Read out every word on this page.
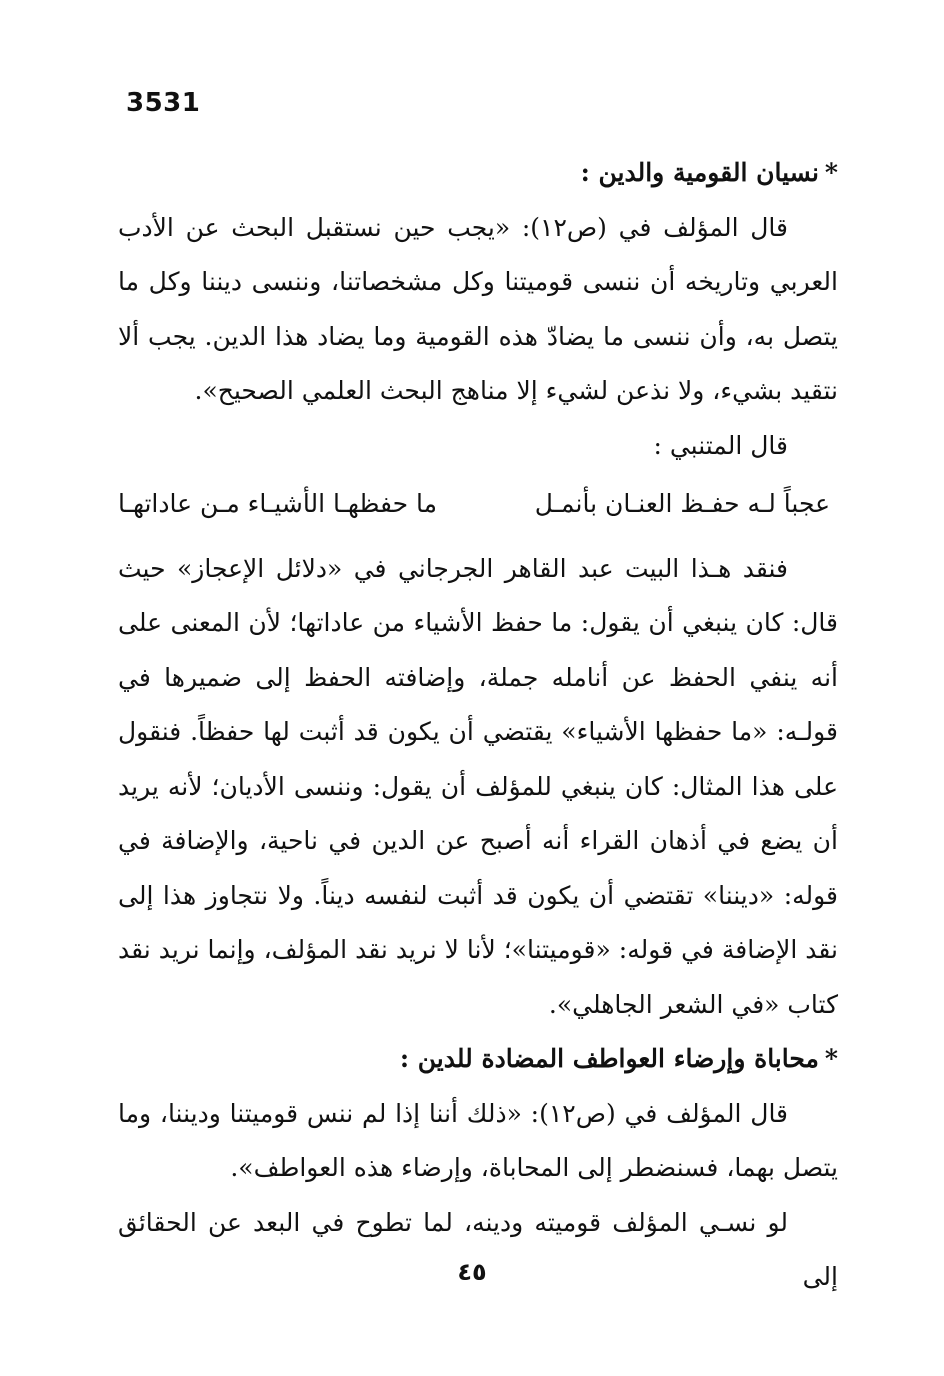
3531

*نسيان القومية والدين :

قال المؤلف في (ص١٢): «يجب حين نستقبل البحث عن الأدب العربي وتاريخه أن ننسى قوميتنا وكل مشخصاتنا، وننسى ديننا وكل ما يتصل به، وأن ننسى ما يضادّ هذه القومية وما يضاد هذا الدين. يجب ألا نتقيد بشيء، ولا نذعن لشيء إلا مناهج البحث العلمي الصحيح».

قال المتنبي :

عجباً لـه حفـظ العنـان بأنمـل
ما حفظهـا الأشيـاء مـن عاداتهـا

فنقد هـذا البيت عبد القاهر الجرجاني في «دلائل الإعجاز» حيث قال: كان ينبغي أن يقول: ما حفظ الأشياء من عاداتها؛ لأن المعنى على أنه ينفي الحفظ عن أنامله جملة، وإضافته الحفظ إلى ضميرها في قولـه: «ما حفظها الأشياء» يقتضي أن يكون قد أثبت لها حفظاً. فنقول على هذا المثال: كان ينبغي للمؤلف أن يقول: وننسى الأديان؛ لأنه يريد أن يضع في أذهان القراء أنه أصبح عن الدين في ناحية، والإضافة في قوله: «ديننا» تقتضي أن يكون قد أثبت لنفسه ديناً. ولا نتجاوز هذا إلى نقد الإضافة في قوله: «قوميتنا»؛ لأنا لا نريد نقد المؤلف، وإنما نريد نقد كتاب «في الشعر الجاهلي».

*محاباة وإرضاء العواطف المضادة للدين :

قال المؤلف في (ص١٢): «ذلك أننا إذا لم ننس قوميتنا وديننا، وما يتصل بهما، فسنضطر إلى المحاباة، وإرضاء هذه العواطف».

لو نسـي المؤلف قوميته ودينه، لما تطوح في البعد عن الحقائق إلى

٤٥
